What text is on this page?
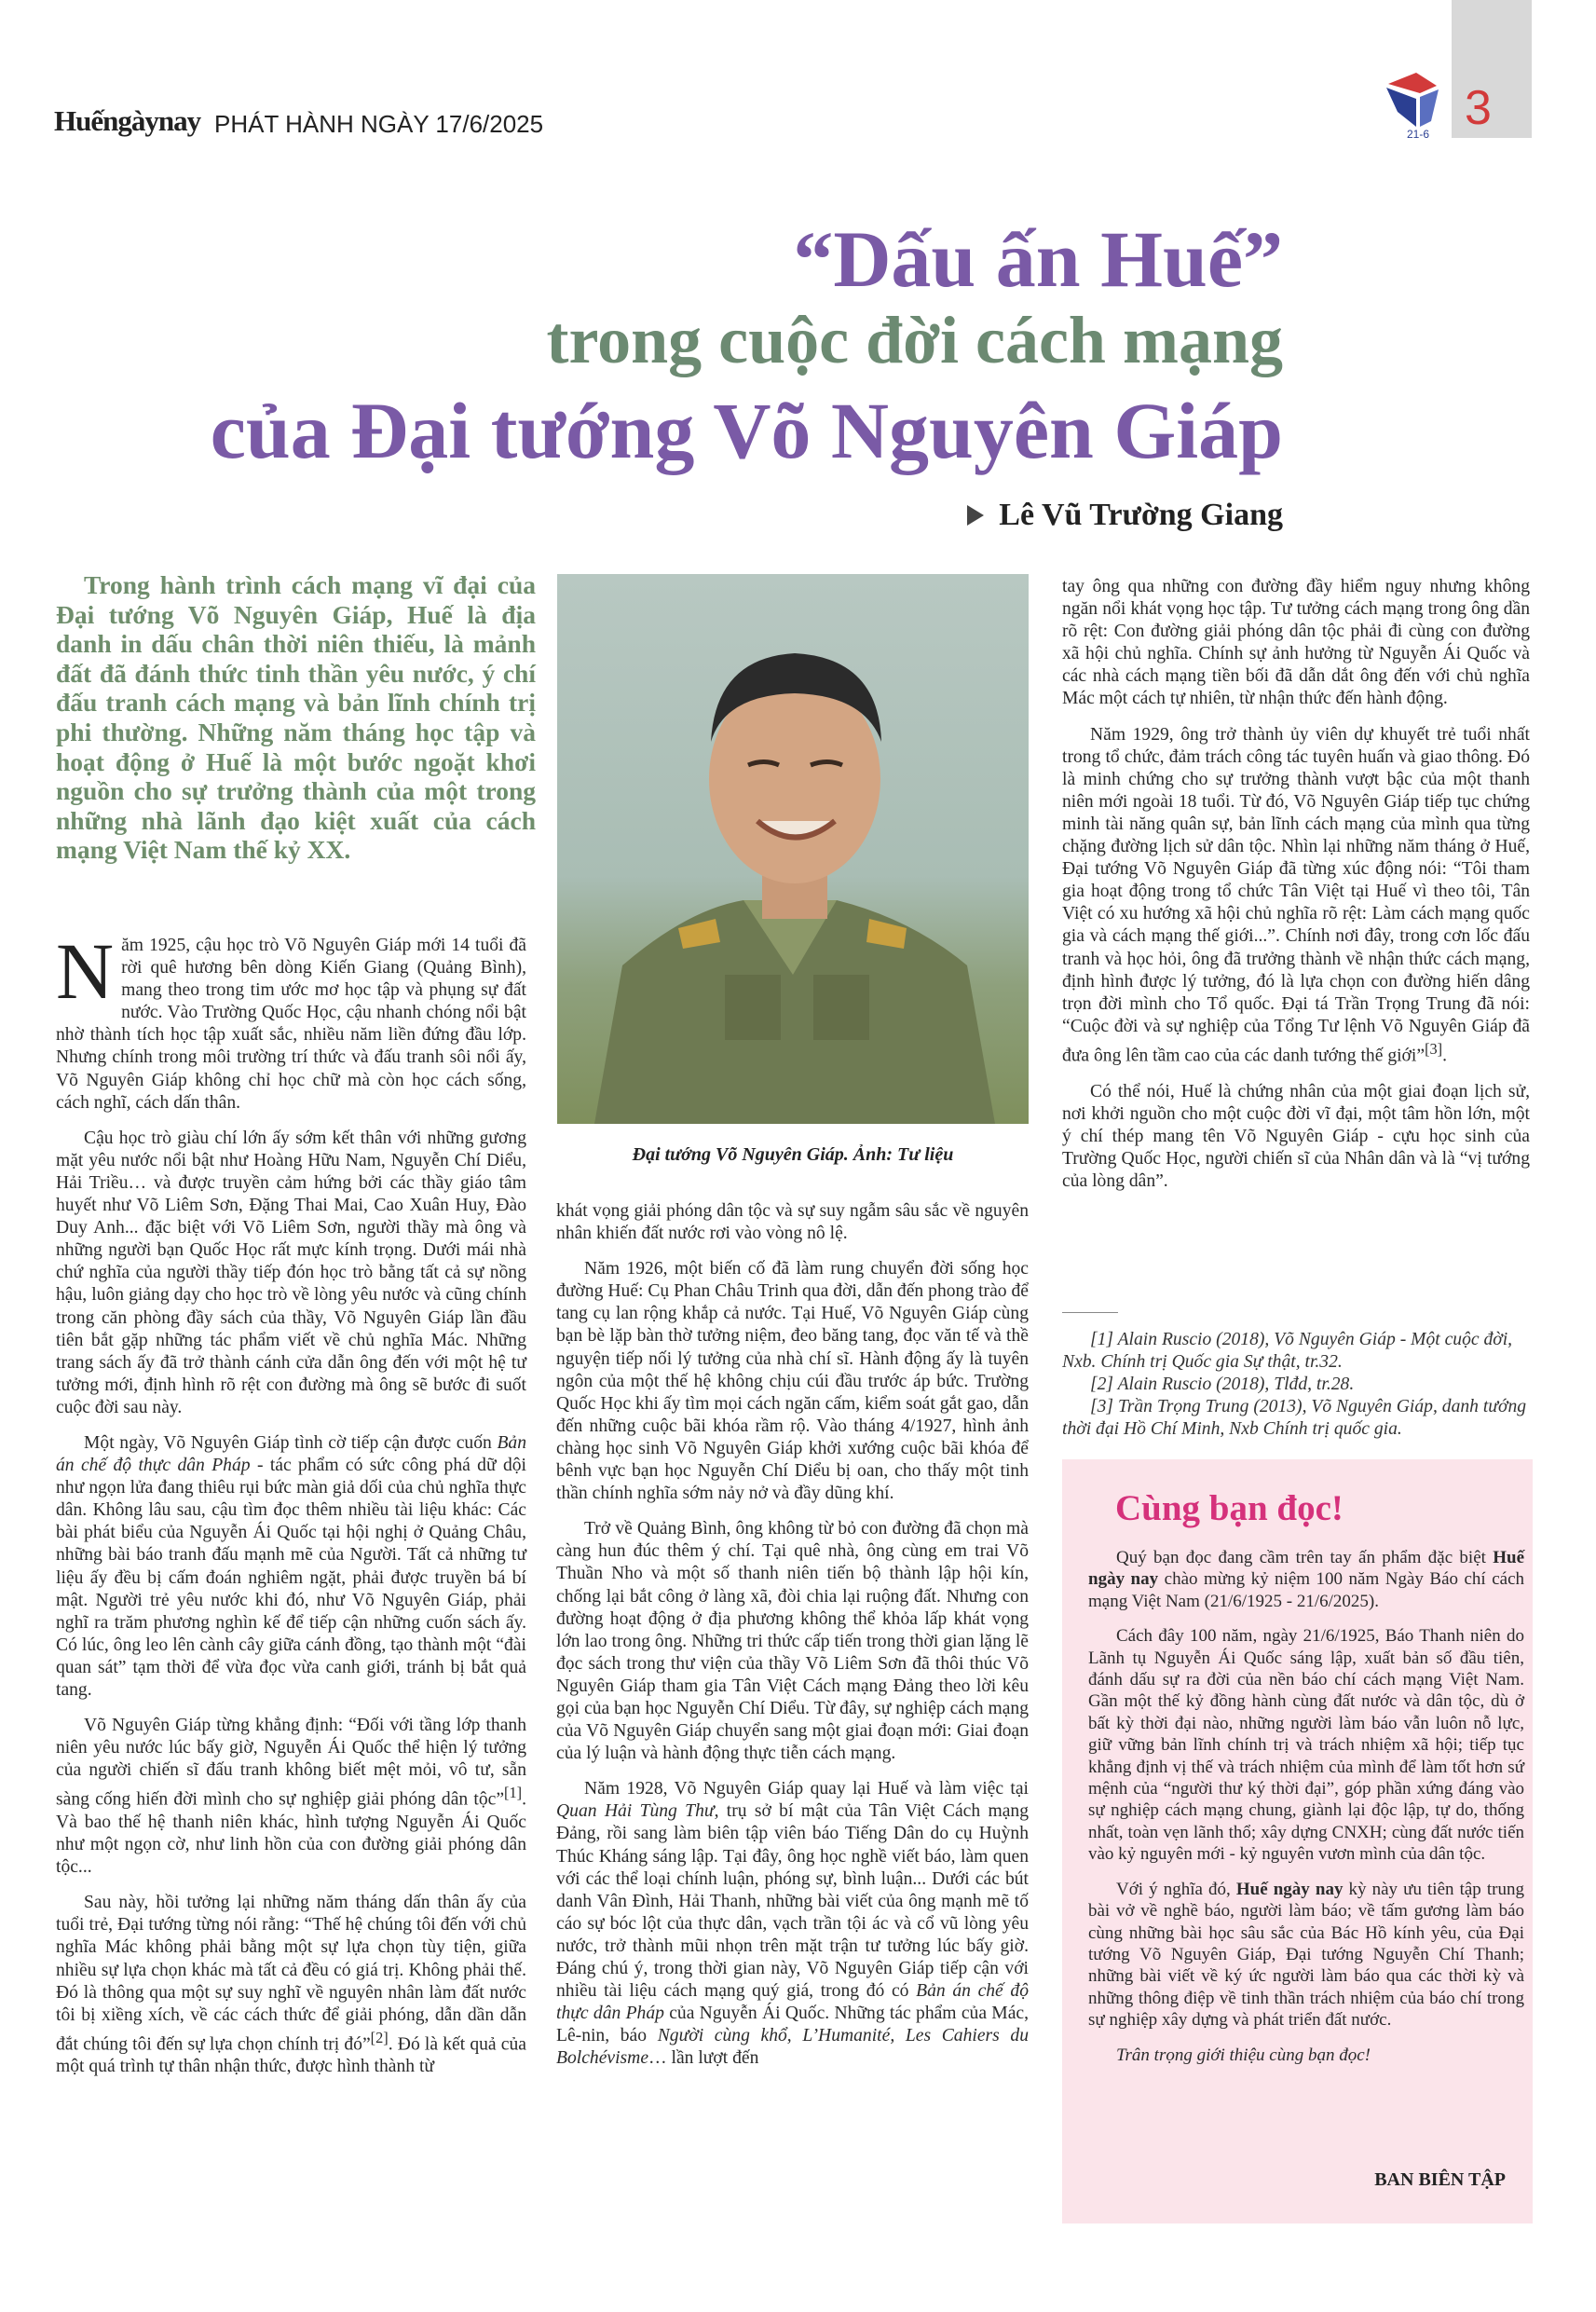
Huếngàynay PHÁT HÀNH NGÀY 17/6/2025	21-6 3
“Dấu ấn Huế”
trong cuộc đời cách mạng
của Đại tướng Võ Nguyên Giáp
Lê Vũ Trường Giang
Trong hành trình cách mạng vĩ đại của Đại tướng Võ Nguyên Giáp, Huế là địa danh in dấu chân thời niên thiếu, là mảnh đất đã đánh thức tinh thần yêu nước, ý chí đấu tranh cách mạng và bản lĩnh chính trị phi thường. Những năm tháng học tập và hoạt động ở Huế là một bước ngoặt khơi nguồn cho sự trưởng thành của một trong những nhà lãnh đạo kiệt xuất của cách mạng Việt Nam thế kỷ XX.
Đại tướng Võ Nguyên Giáp. Ảnh: Tư liệu

Năm 1925, cậu học trò Võ Nguyên Giáp mới 14 tuổi đã rời quê hương bên dòng Kiến Giang (Quảng Bình), mang theo trong tim ước mơ học tập và phụng sự đất nước. Vào Trường Quốc Học, cậu nhanh chóng nổi bật nhờ thành tích học tập xuất sắc, nhiều năm liền đứng đầu lớp. Nhưng chính trong môi trường trí thức và đấu tranh sôi nổi ấy, Võ Nguyên Giáp không chỉ học chữ mà còn học cách sống, cách nghĩ, cách dấn thân.

Cậu học trò giàu chí lớn ấy sớm kết thân với những gương mặt yêu nước nổi bật như Hoàng Hữu Nam, Nguyễn Chí Diểu, Hải Triều… và được truyền cảm hứng bởi các thầy giáo tâm huyết như Võ Liêm Sơn, Đặng Thai Mai, Cao Xuân Huy, Đào Duy Anh... đặc biệt với Võ Liêm Sơn, người thầy mà ông và những người bạn Quốc Học rất mực kính trọng. Dưới mái nhà chứ nghĩa của người thầy tiếp đón học trò bằng tất cả sự nồng hậu, luôn giảng dạy cho học trò về lòng yêu nước và cũng chính trong căn phòng đầy sách của thầy, Võ Nguyên Giáp lần đầu tiên bắt gặp những tác phẩm viết về chủ nghĩa Mác. Những trang sách ấy đã trở thành cánh cửa dẫn ông đến với một hệ tư tưởng mới, định hình rõ rệt con đường mà ông sẽ bước đi suốt cuộc đời sau này.

Một ngày, Võ Nguyên Giáp tình cờ tiếp cận được cuốn Bản án chế độ thực dân Pháp - tác phẩm có sức công phá dữ dội như ngọn lửa đang thiêu rụi bức màn giả dối của chủ nghĩa thực dân. Không lâu sau, cậu tìm đọc thêm nhiều tài liệu khác: Các bài phát biểu của Nguyễn Ái Quốc tại hội nghị ở Quảng Châu, những bài báo tranh đấu mạnh mẽ của Người. Tất cả những tư liệu ấy đều bị cấm đoán nghiêm ngặt, phải được truyền bá bí mật. Người trẻ yêu nước khi đó, như Võ Nguyên Giáp, phải nghĩ ra trăm phương nghìn kế để tiếp cận những cuốn sách ấy. Có lúc, ông leo lên cành cây giữa cánh đồng, tạo thành một “đài quan sát” tạm thời để vừa đọc vừa canh giới, tránh bị bắt quả tang.

Võ Nguyên Giáp từng khẳng định: “Đối với tầng lớp thanh niên yêu nước lúc bấy giờ, Nguyễn Ái Quốc thể hiện lý tưởng của người chiến sĩ đấu tranh không biết mệt mỏi, vô tư, sẵn sàng cống hiến đời mình cho sự nghiệp giải phóng dân tộc”[1]. Và bao thế hệ thanh niên khác, hình tượng Nguyễn Ái Quốc như một ngọn cờ, như linh hồn của con đường giải phóng dân tộc...

Sau này, hồi tưởng lại những năm tháng dấn thân ấy của tuổi trẻ, Đại tướng từng nói rằng: “Thế hệ chúng tôi đến với chủ nghĩa Mác không phải bằng một sự lựa chọn tùy tiện, giữa nhiều sự lựa chọn khác mà tất cả đều có giá trị. Không phải thế. Đó là thông qua một sự suy nghĩ về nguyên nhân làm đất nước tôi bị xiềng xích, về các cách thức để giải phóng, dẫn dần dẫn đắt chúng tôi đến sự lựa chọn chính trị đó”[2]. Đó là kết quả của một quá trình tự thân nhận thức, được hình thành từ

khát vọng giải phóng dân tộc và sự suy ngẫm sâu sắc về nguyên nhân khiến đất nước rơi vào vòng nô lệ.

Năm 1926, một biến cố đã làm rung chuyển đời sống học đường Huế: Cụ Phan Châu Trinh qua đời, dẫn đến phong trào để tang cụ lan rộng khắp cả nước. Tại Huế, Võ Nguyên Giáp cùng bạn bè lặp bàn thờ tưởng niệm, đeo băng tang, đọc văn tế và thề nguyện tiếp nối lý tưởng của nhà chí sĩ. Hành động ấy là tuyên ngôn của một thế hệ không chịu cúi đầu trước áp bức. Trường Quốc Học khi ấy tìm mọi cách ngăn cấm, kiểm soát gắt gao, dẫn đến những cuộc bãi khóa rầm rộ. Vào tháng 4/1927, hình ảnh chàng học sinh Võ Nguyên Giáp khởi xướng cuộc bãi khóa để bênh vực bạn học Nguyễn Chí Diểu bị oan, cho thấy một tinh thần chính nghĩa sớm nảy nở và đầy dũng khí.

Trở về Quảng Bình, ông không từ bỏ con đường đã chọn mà càng hun đúc thêm ý chí. Tại quê nhà, ông cùng em trai Võ Thuần Nho và một số thanh niên tiến bộ thành lập hội kín, chống lại bắt công ở làng xã, đòi chia lại ruộng đất. Nhưng con đường hoạt động ở địa phương không thể khỏa lấp khát vọng lớn lao trong ông. Những tri thức cấp tiến trong thời gian lặng lẽ đọc sách trong thư viện của thầy Võ Liêm Sơn đã thôi thúc Võ Nguyên Giáp tham gia Tân Việt Cách mạng Đảng theo lời kêu gọi của bạn học Nguyễn Chí Diểu. Từ đây, sự nghiệp cách mạng của Võ Nguyên Giáp chuyển sang một giai đoạn mới: Giai đoạn của lý luận và hành động thực tiễn cách mạng.

Năm 1928, Võ Nguyên Giáp quay lại Huế và làm việc tại Quan Hải Tùng Thư, trụ sở bí mật của Tân Việt Cách mạng Đảng, rồi sang làm biên tập viên báo Tiếng Dân do cụ Huỳnh Thúc Kháng sáng lập. Tại đây, ông học nghề viết báo, làm quen với các thể loại chính luận, phóng sự, bình luận... Dưới các bút danh Vân Đình, Hải Thanh, những bài viết của ông mạnh mẽ tố cáo sự bóc lột của thực dân, vạch trần tội ác và cổ vũ lòng yêu nước, trở thành mũi nhọn trên mặt trận tư tưởng lúc bấy giờ. Đáng chú ý, trong thời gian này, Võ Nguyên Giáp tiếp cận với nhiều tài liệu cách mạng quý giá, trong đó có Bản án chế độ thực dân Pháp của Nguyễn Ái Quốc. Những tác phẩm của Mác, Lê-nin, báo Người cùng khổ, L’Humanité, Les Cahiers du Bolchévisme… lần lượt đến

tay ông qua những con đường đầy hiểm nguy nhưng không ngăn nổi khát vọng học tập. Tư tưởng cách mạng trong ông dần rõ rệt: Con đường giải phóng dân tộc phải đi cùng con đường xã hội chủ nghĩa. Chính sự ảnh hưởng từ Nguyễn Ái Quốc và các nhà cách mạng tiền bối đã dẫn dắt ông đến với chủ nghĩa Mác một cách tự nhiên, từ nhận thức đến hành động.

Năm 1929, ông trở thành ủy viên dự khuyết trẻ tuổi nhất trong tổ chức, đảm trách công tác tuyên huấn và giao thông. Đó là minh chứng cho sự trưởng thành vượt bậc của một thanh niên mới ngoài 18 tuổi. Từ đó, Võ Nguyên Giáp tiếp tục chứng minh tài năng quân sự, bản lĩnh cách mạng của mình qua từng chặng đường lịch sử dân tộc. Nhìn lại những năm tháng ở Huế, Đại tướng Võ Nguyên Giáp đã từng xúc động nói: “Tôi tham gia hoạt động trong tổ chức Tân Việt tại Huế vì theo tôi, Tân Việt có xu hướng xã hội chủ nghĩa rõ rệt: Làm cách mạng quốc gia và cách mạng thế giới...”. Chính nơi đây, trong cơn lốc đấu tranh và học hỏi, ông đã trưởng thành về nhận thức cách mạng, định hình được lý tưởng, đó là lựa chọn con đường hiến dâng trọn đời mình cho Tổ quốc. Đại tá Trần Trọng Trung đã nói: “Cuộc đời và sự nghiệp của Tổng Tư lệnh Võ Nguyên Giáp đã đưa ông lên tầm cao của các danh tướng thế giới”[3].

Có thể nói, Huế là chứng nhân của một giai đoạn lịch sử, nơi khởi nguồn cho một cuộc đời vĩ đại, một tâm hồn lớn, một ý chí thép mang tên Võ Nguyên Giáp - cựu học sinh của Trường Quốc Học, người chiến sĩ của Nhân dân và là “vị tướng của lòng dân”.

[1] Alain Ruscio (2018), Võ Nguyên Giáp - Một cuộc đời, Nxb. Chính trị Quốc gia Sự thật, tr.32.
[2] Alain Ruscio (2018), Tlđd, tr.28.
[3] Trần Trọng Trung (2013), Võ Nguyên Giáp, danh tướng thời đại Hồ Chí Minh, Nxb Chính trị quốc gia.
Cùng bạn đọc!

Quý bạn đọc đang cầm trên tay ấn phẩm đặc biệt Huế ngày nay chào mừng kỷ niệm 100 năm Ngày Báo chí cách mạng Việt Nam (21/6/1925 - 21/6/2025).

Cách đây 100 năm, ngày 21/6/1925, Báo Thanh niên do Lãnh tụ Nguyễn Ái Quốc sáng lập, xuất bản số đầu tiên, đánh dấu sự ra đời của nền báo chí cách mạng Việt Nam. Gần một thế kỷ đồng hành cùng đất nước và dân tộc, dù ở bất kỳ thời đại nào, những người làm báo vẫn luôn nỗ lực, giữ vững bản lĩnh chính trị và trách nhiệm xã hội; tiếp tục khẳng định vị thế và trách nhiệm của mình để làm tốt hơn sứ mệnh của “người thư ký thời đại”, góp phần xứng đáng vào sự nghiệp cách mạng chung, giành lại độc lập, tự do, thống nhất, toàn vẹn lãnh thổ; xây dựng CNXH; cùng đất nước tiến vào kỷ nguyên mới - kỷ nguyên vươn mình của dân tộc.

Với ý nghĩa đó, Huế ngày nay kỳ này ưu tiên tập trung bài vở về nghề báo, người làm báo; về tấm gương làm báo cùng những bài học sâu sắc của Bác Hồ kính yêu, của Đại tướng Võ Nguyên Giáp, Đại tướng Nguyễn Chí Thanh; những bài viết về ký ức người làm báo qua các thời kỳ và những thông điệp về tinh thần trách nhiệm của báo chí trong sự nghiệp xây dựng và phát triển đất nước.

Trân trọng giới thiệu cùng bạn đọc!

BAN BIÊN TẬP
